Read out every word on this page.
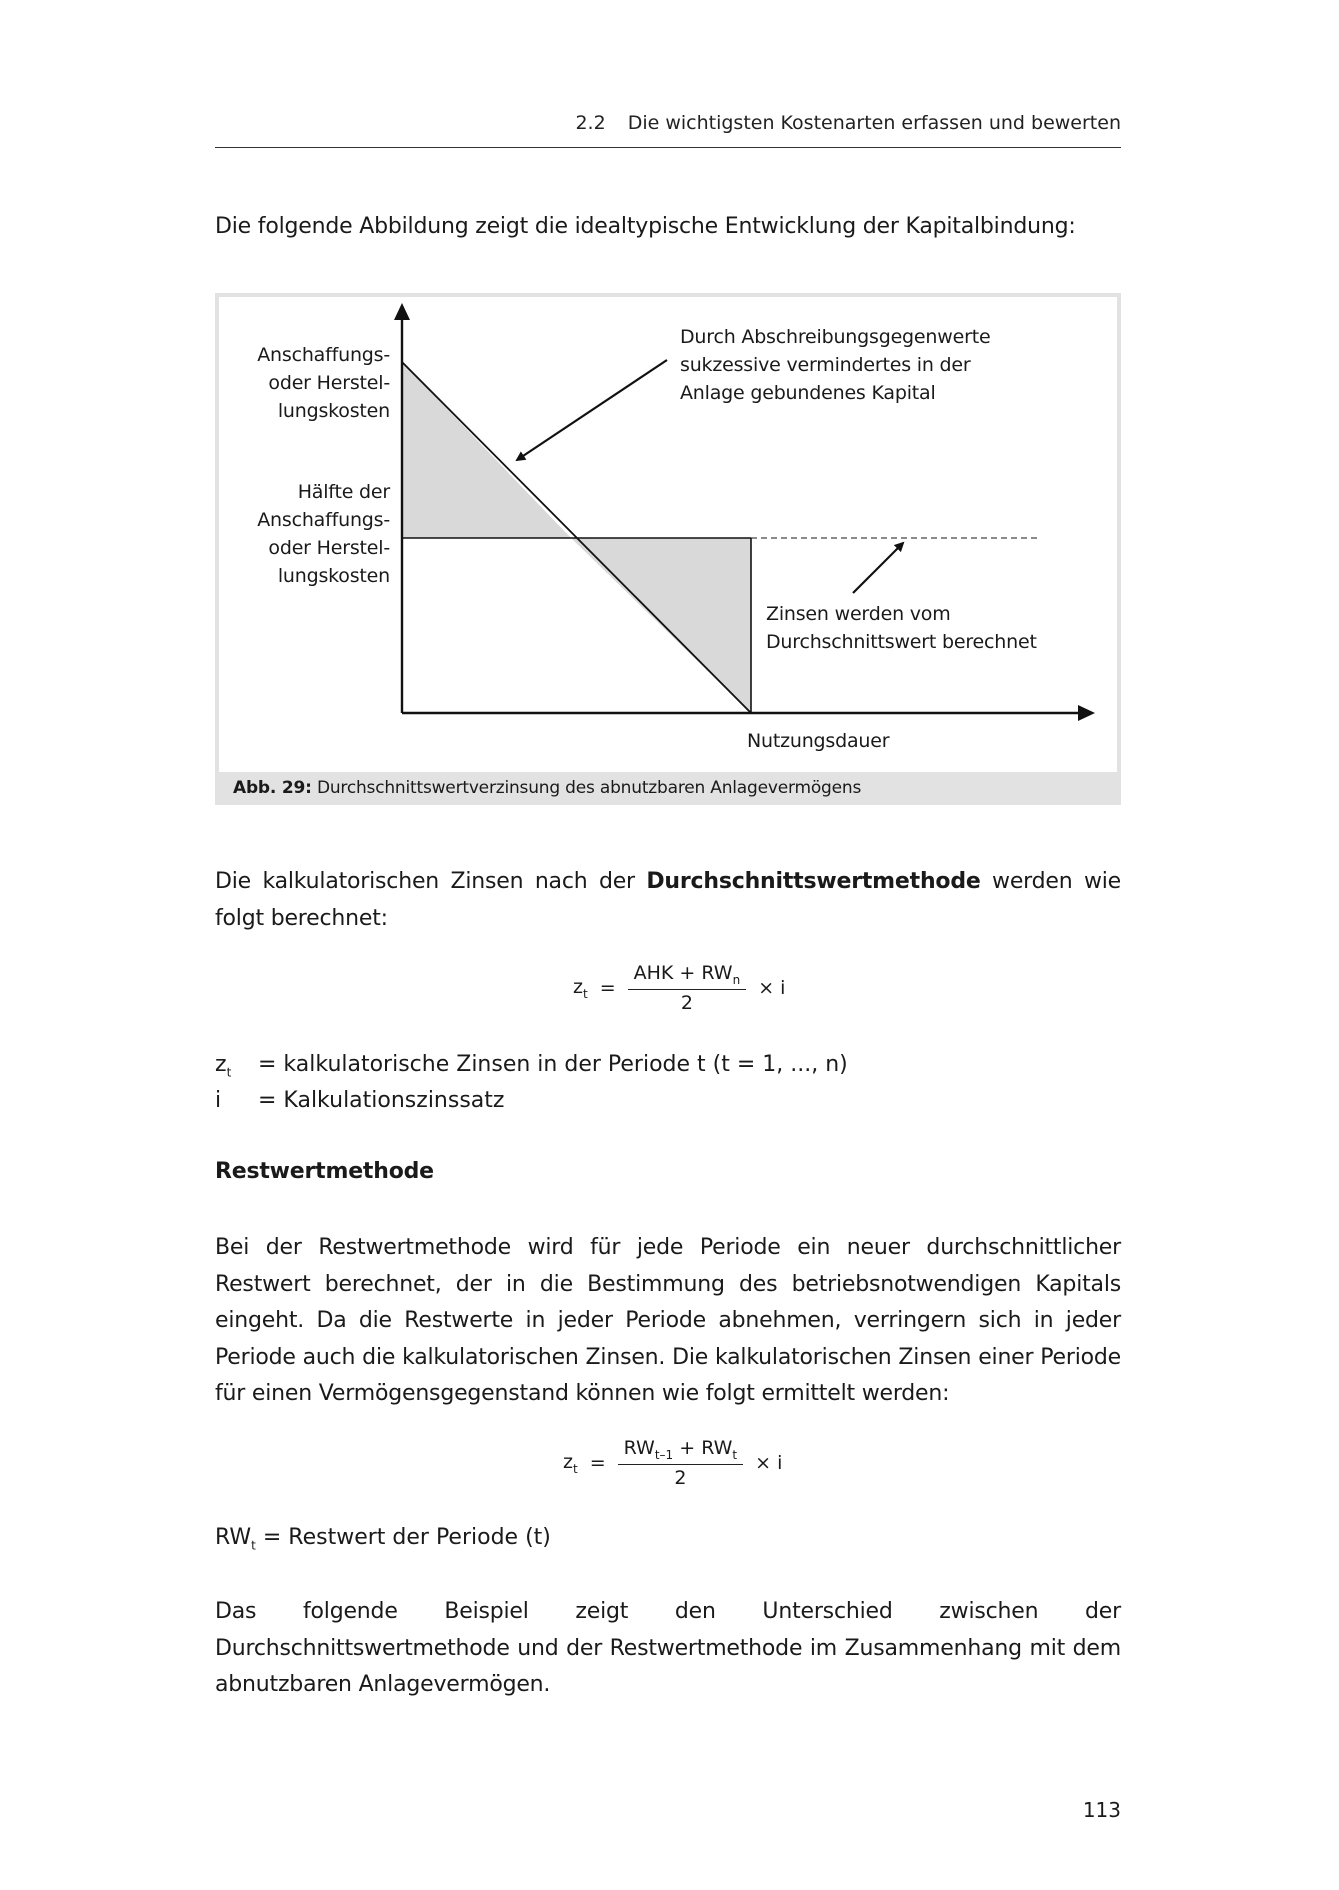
2.2 Die wichtigsten Kostenarten erfassen und bewerten

Die folgende Abbildung zeigt die idealtypische Entwicklung der Kapitalbindung:

Anschaffungs-
oder Herstel-
lungskosten
Hälfte der
Anschaffungs-
oder Herstel-
lungskosten
Durch Abschreibungsgegenwerte
sukzessive vermindertes in der
Anlage gebundenes Kapital
Zinsen werden vom
Durchschnittswert berechnet
Nutzungsdauer
Abb. 29: Durchschnittswertverzinsung des abnutzbaren Anlagevermögens

Die kalkulatorischen Zinsen nach der Durchschnittswertmethode werden wie folgt berechnet:

$z_t = \frac{AHK + RW_n}{2} \times i$
$z_t$ = kalkulatorische Zinsen in der Periode t (t = 1, ..., n)
i = Kalkulationszinssatz
Restwertmethode

Bei der Restwertmethode wird für jede Periode ein neuer durchschnittlicher Restwert berechnet, der in die Bestimmung des betriebsnotwendigen Kapitals eingeht. Da die Restwerte in jeder Periode abnehmen, verringern sich in jeder Periode auch die kalkulatorischen Zinsen. Die kalkulatorischen Zinsen einer Periode für einen Vermögensgegenstand können wie folgt ermittelt werden:

$z_t = \frac{RW_{t-1} + RW_t}{2} \times i$
$RW_t$ = Restwert der Periode (t)

Das folgende Beispiel zeigt den Unterschied zwischen der Durchschnittswertmethode und der Restwertmethode im Zusammenhang mit dem abnutzbaren Anlagevermögen.

113
